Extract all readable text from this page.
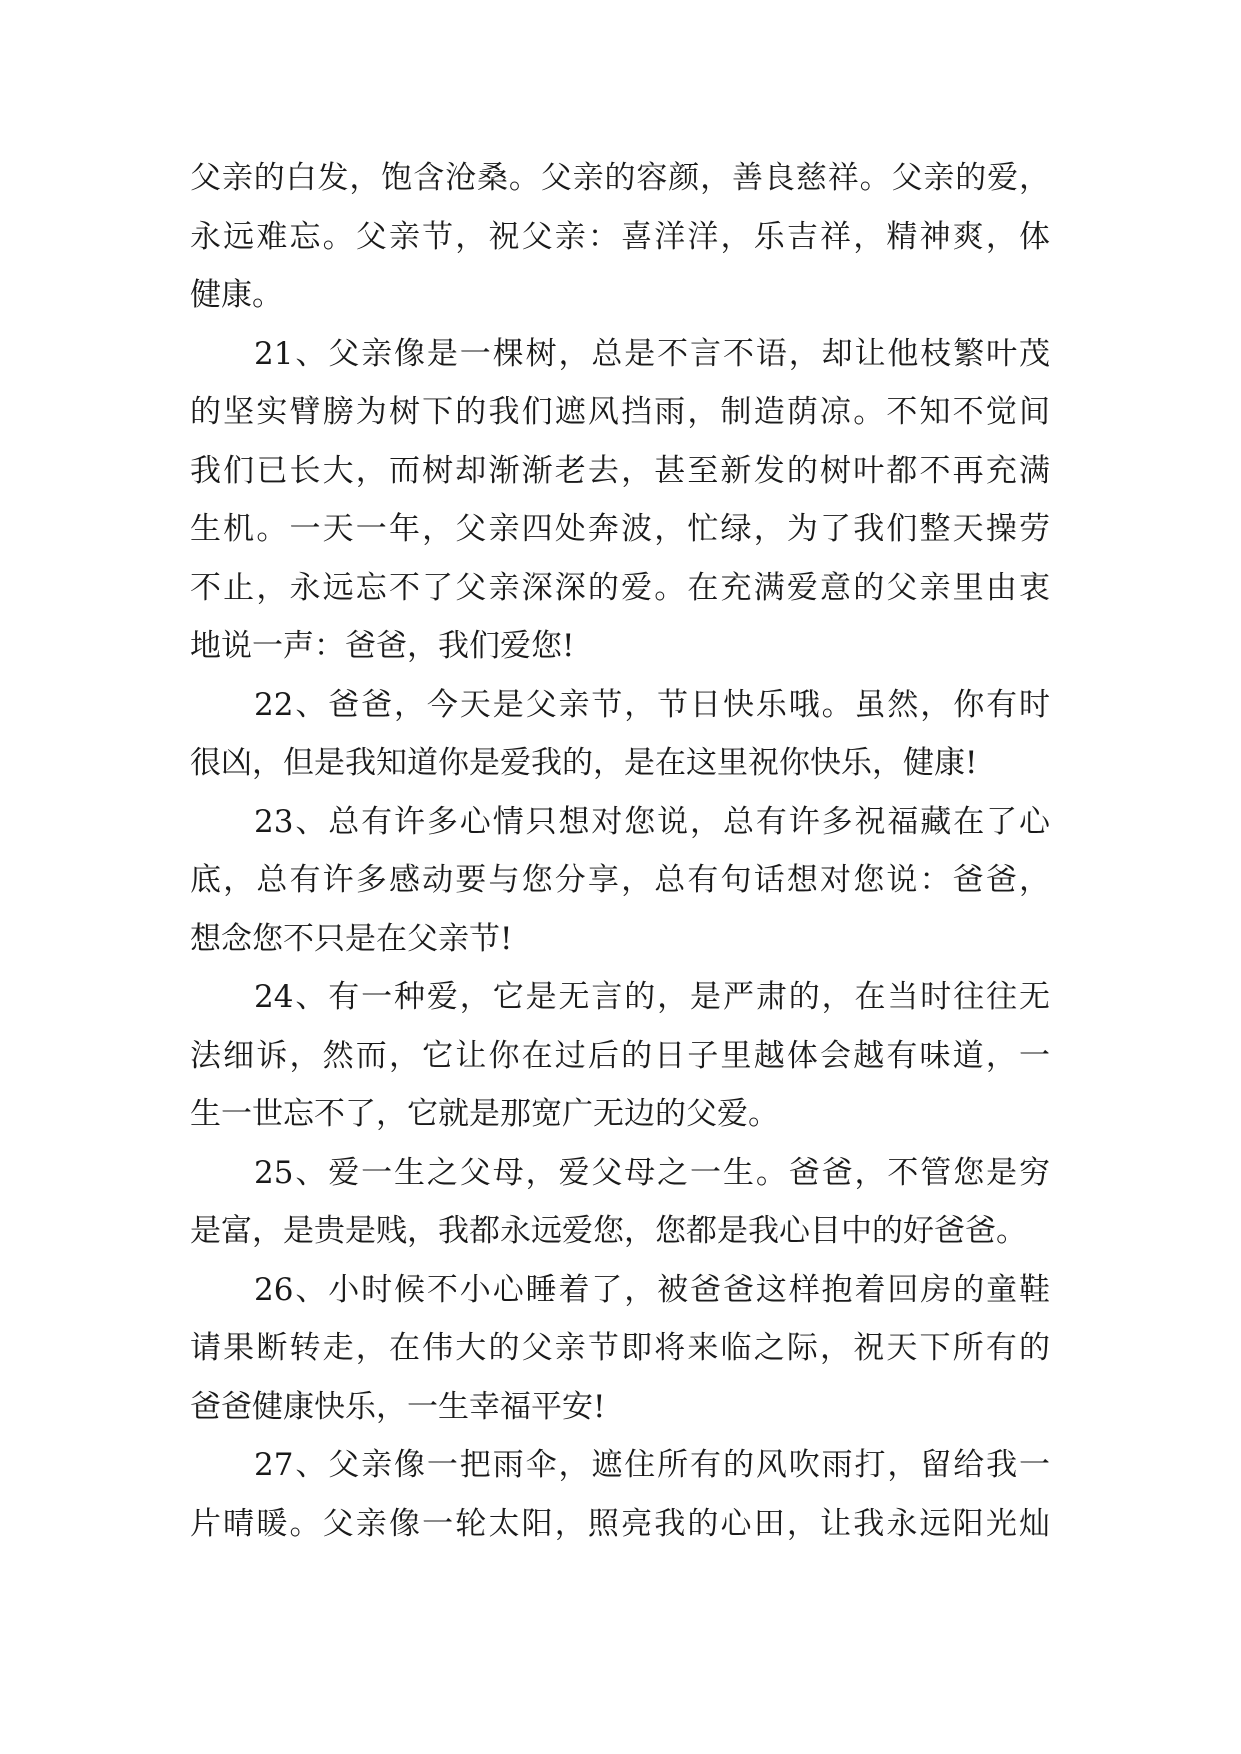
父亲的白发，饱含沧桑。父亲的容颜，善良慈祥。父亲的爱，
永远难忘。父亲节，祝父亲：喜洋洋，乐吉祥，精神爽，体
健康。
21、父亲像是一棵树，总是不言不语，却让他枝繁叶茂
的坚实臂膀为树下的我们遮风挡雨，制造荫凉。不知不觉间
我们已长大，而树却渐渐老去，甚至新发的树叶都不再充满
生机。一天一年，父亲四处奔波，忙绿，为了我们整天操劳
不止，永远忘不了父亲深深的爱。在充满爱意的父亲里由衷
地说一声：爸爸，我们爱您!
22、爸爸，今天是父亲节，节日快乐哦。虽然，你有时
很凶，但是我知道你是爱我的，是在这里祝你快乐，健康!
23、总有许多心情只想对您说，总有许多祝福藏在了心
底，总有许多感动要与您分享，总有句话想对您说：爸爸，
想念您不只是在父亲节!
24、有一种爱，它是无言的，是严肃的，在当时往往无
法细诉，然而，它让你在过后的日子里越体会越有味道，一
生一世忘不了，它就是那宽广无边的父爱。
25、爱一生之父母，爱父母之一生。爸爸，不管您是穷
是富，是贵是贱，我都永远爱您，您都是我心目中的好爸爸。
26、小时候不小心睡着了，被爸爸这样抱着回房的童鞋
请果断转走，在伟大的父亲节即将来临之际，祝天下所有的
爸爸健康快乐，一生幸福平安!
27、父亲像一把雨伞，遮住所有的风吹雨打，留给我一
片晴暖。父亲像一轮太阳，照亮我的心田，让我永远阳光灿
